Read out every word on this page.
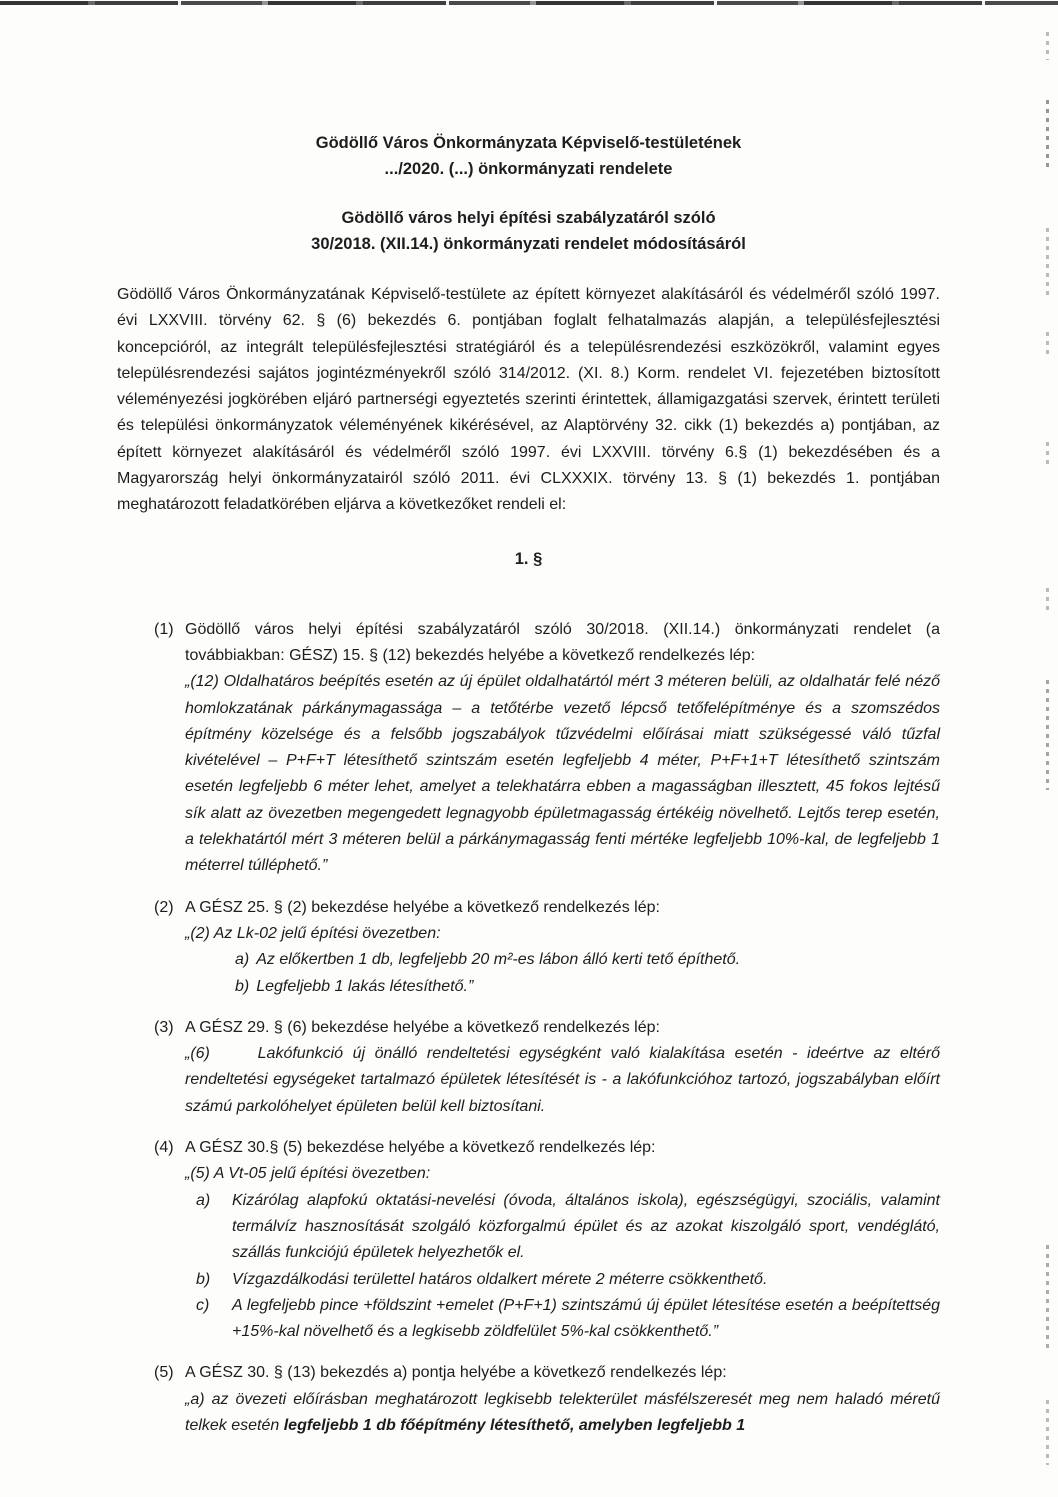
Gödöllő Város Önkormányzata Képviselő-testületének

.../2020. (...) önkormányzati rendelete

Gödöllő város helyi építési szabályzatáról szóló

30/2018. (XII.14.) önkormányzati rendelet módosításáról

Gödöllő Város Önkormányzatának Képviselő-testülete az épített környezet alakításáról és védelméről szóló 1997. évi LXXVIII. törvény 62. § (6) bekezdés 6. pontjában foglalt felhatalmazás alapján, a településfejlesztési koncepcióról, az integrált településfejlesztési stratégiáról és a településrendezési eszközökről, valamint egyes településrendezési sajátos jogintézményekről szóló 314/2012. (XI. 8.) Korm. rendelet VI. fejezetében biztosított véleményezési jogkörében eljáró partnerségi egyeztetés szerinti érintettek, államigazgatási szervek, érintett területi és települési önkormányzatok véleményének kikérésével, az Alaptörvény 32. cikk (1) bekezdés a) pontjában, az épített környezet alakításáról és védelméről szóló 1997. évi LXXVIII. törvény 6.§ (1) bekezdésében és a Magyarország helyi önkormányzatairól szóló 2011. évi CLXXXIX. törvény 13. § (1) bekezdés 1. pontjában meghatározott feladatkörében eljárva a következőket rendeli el:

1. §

(1) Gödöllő város helyi építési szabályzatáról szóló 30/2018. (XII.14.) önkormányzati rendelet (a továbbiakban: GÉSZ) 15. § (12) bekezdés helyébe a következő rendelkezés lép:

„(12) Oldalhatáros beépítés esetén az új épület oldalhatártól mért 3 méteren belüli, az oldalhatár felé néző homlokzatának párkánymagassága – a tetőtérbe vezető lépcső tetőfelépítménye és a szomszédos építmény közelsége és a felsőbb jogszabályok tűzvédelmi előírásai miatt szükségessé váló tűzfal kivételével – P+F+T létesíthető szintszám esetén legfeljebb 4 méter, P+F+1+T létesíthető szintszám esetén legfeljebb 6 méter lehet, amelyet a telekhatárra ebben a magasságban illesztett, 45 fokos lejtésű sík alatt az övezetben megengedett legnagyobb épületmagasság értékéig növelhető. Lejtős terep esetén, a telekhatártól mért 3 méteren belül a párkánymagasság fenti mértéke legfeljebb 10%-kal, de legfeljebb 1 méterrel túlléphető.”

(2) A GÉSZ 25. § (2) bekezdése helyébe a következő rendelkezés lép:

„(2) Az Lk-02 jelű építési övezetben:

a) Az előkertben 1 db, legfeljebb 20 m²-es lábon álló kerti tető építhető.

b) Legfeljebb 1 lakás létesíthető.”

(3) A GÉSZ 29. § (6) bekezdése helyébe a következő rendelkezés lép:

„(6)     Lakófunkció új önálló rendeltetési egységként való kialakítása esetén - ideértve az eltérő rendeltetési egységeket tartalmazó épületek létesítését is - a lakófunkcióhoz tartozó, jogszabályban előírt számú parkolóhelyet épületen belül kell biztosítani.

(4) A GÉSZ 30.§ (5) bekezdése helyébe a következő rendelkezés lép:

„(5) A Vt-05 jelű építési övezetben:

a)	Kizárólag alapfokú oktatási-nevelési (óvoda, általános iskola), egészségügyi, szociális, valamint termálvíz hasznosítását szolgáló közforgalmú épület és az azokat kiszolgáló sport, vendéglátó, szállás funkciójú épületek helyezhetők el.
b)	Vízgazdálkodási területtel határos oldalkert mérete 2 méterre csökkenthető.
c)	A legfeljebb pince +földszint +emelet (P+F+1) szintszámú új épület létesítése esetén a beépítettség +15%-kal növelhető és a legkisebb zöldfelület 5%-kal csökkenthető.”
(5) A GÉSZ 30. § (13) bekezdés a) pontja helyébe a következő rendelkezés lép:

„a) az övezeti előírásban meghatározott legkisebb telekterület másfélszeresét meg nem haladó méretű telkek esetén legfeljebb 1 db főépítmény létesíthető, amelyben legfeljebb 1
